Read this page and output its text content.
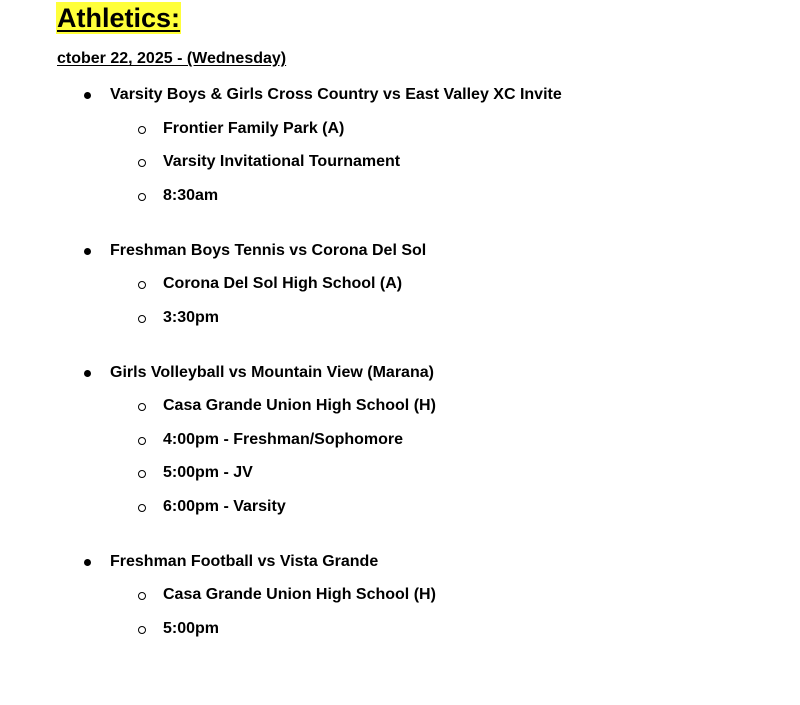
Athletics:
ctober 22, 2025 - (Wednesday)
Varsity Boys & Girls Cross Country vs East Valley XC Invite
Frontier Family Park (A)
Varsity Invitational Tournament
8:30am
Freshman Boys Tennis vs Corona Del Sol
Corona Del Sol High School (A)
3:30pm
Girls Volleyball vs Mountain View (Marana)
Casa Grande Union High School (H)
4:00pm - Freshman/Sophomore
5:00pm - JV
6:00pm - Varsity
Freshman Football vs Vista Grande
Casa Grande Union High School (H)
5:00pm
